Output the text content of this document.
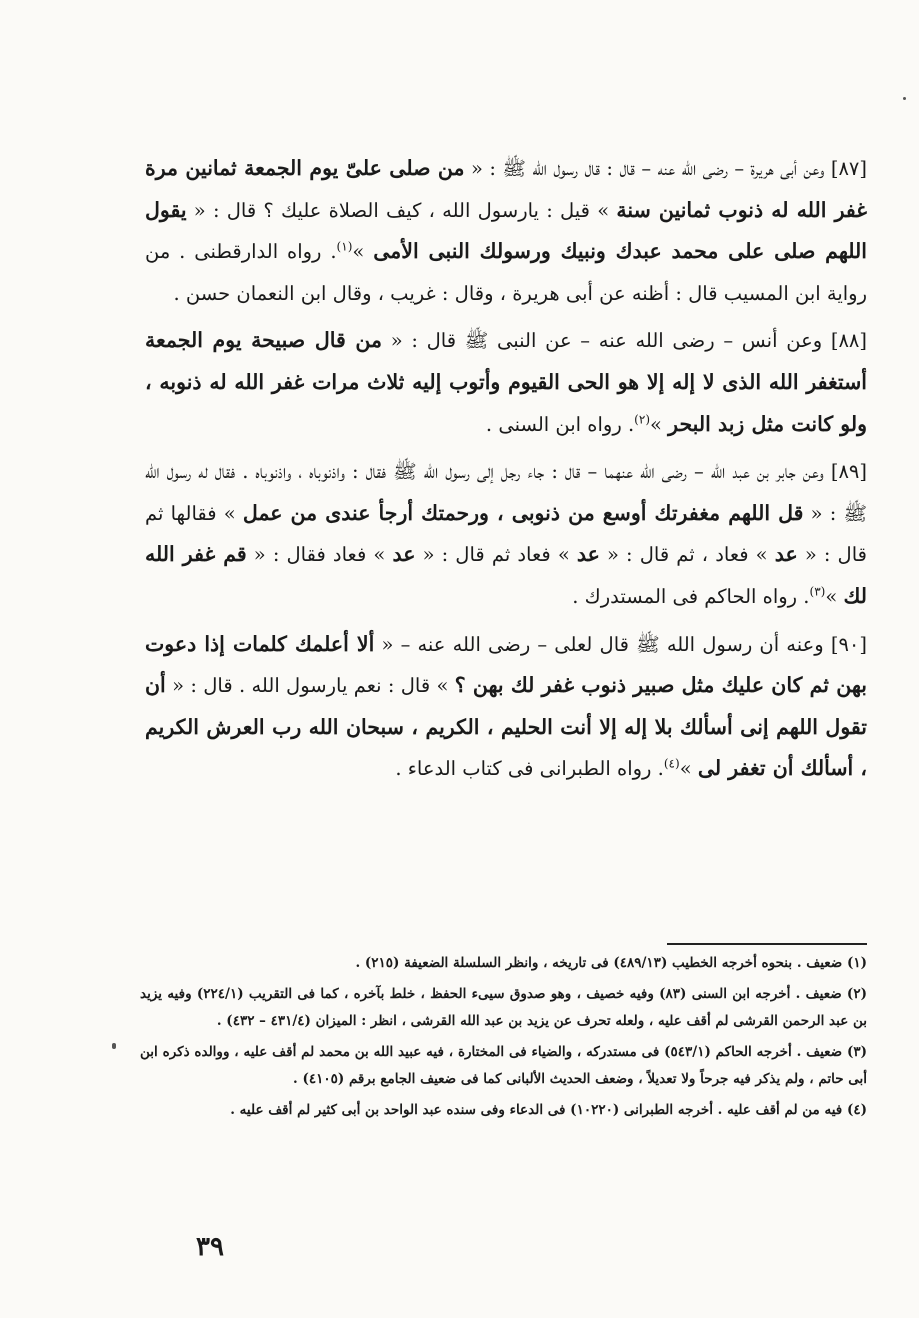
[٨٧] وعن أبى هريرة – رضى الله عنه – قال : قال رسول الله ﷺ : « من صلى علىّ يوم الجمعة ثمانين مرة غفر الله له ذنوب ثمانين سنة » قيل : يارسول الله ، كيف الصلاة عليك ؟ قال : « يقول اللهم صلى على محمد عبدك ونبيك ورسولك النبى الأمى »$^{(١)}$. رواه الدارقطنى . من رواية ابن المسيب قال : أظنه عن أبى هريرة ، وقال : غريب ، وقال ابن النعمان حسن .

[٨٨] وعن أنس – رضى الله عنه – عن النبى ﷺ قال : « من قال صبيحة يوم الجمعة أستغفر الله الذى لا إله إلا هو الحى القيوم وأتوب إليه ثلاث مرات غفر الله له ذنوبه ، ولو كانت مثل زبد البحر »$^{(٢)}$. رواه ابن السنى .

[٨٩] وعن جابر بن عبد الله – رضى الله عنهما – قال : جاء رجل إلى رسول الله ﷺ فقال : واذنوباه ، واذنوباه . فقال له رسول الله ﷺ : « قل اللهم مغفرتك أوسع من ذنوبى ، ورحمتك أرجأ عندى من عمل » فقالها ثم قال : « عد » فعاد ، ثم قال : « عد » فعاد ثم قال : « عد » فعاد فقال : « قم غفر الله لك »$^{(٣)}$. رواه الحاكم فى المستدرك .

[٩٠] وعنه أن رسول الله ﷺ قال لعلى – رضى الله عنه – « ألا أعلمك كلمات إذا دعوت بهن ثم كان عليك مثل صبير ذنوب غفر لك بهن ؟ » قال : نعم يارسول الله . قال : « أن تقول اللهم إنى أسألك بلا إله إلا أنت الحليم ، الكريم ، سبحان الله رب العرش الكريم ، أسألك أن تغفر لى »$^{(٤)}$. رواه الطبرانى فى كتاب الدعاء .

(١) ضعيف . بنحوه أخرجه الخطيب (٤٨٩/١٣) فى تاريخه ، وانظر السلسلة الضعيفة (٢١٥) .

(٢) ضعيف . أخرجه ابن السنى (٨٣) وفيه خصيف ، وهو صدوق سيىء الحفظ ، خلط بآخره ، كما فى التقريب (٢٢٤/١) وفيه يزيد بن عبد الرحمن القرشى لم أقف عليه ، ولعله تحرف عن يزيد بن عبد الله القرشى ، انظر : الميزان (٤٣١/٤ – ٤٣٢) .

(٣) ضعيف . أخرجه الحاكم (٥٤٣/١) فى مستدركه ، والضياء فى المختارة ، فيه عبيد الله بن محمد لم أقف عليه ، ووالده ذكره ابن أبى حاتم ، ولم يذكر فيه جرحاً ولا تعديلاً ، وضعف الحديث الألبانى كما فى ضعيف الجامع برقم (٤١٠٥) .

(٤) فيه من لم أقف عليه . أخرجه الطبرانى (١٠٢٢٠) فى الدعاء وفى سنده عبد الواحد بن أبى كثير لم أقف عليه .

٣٩
